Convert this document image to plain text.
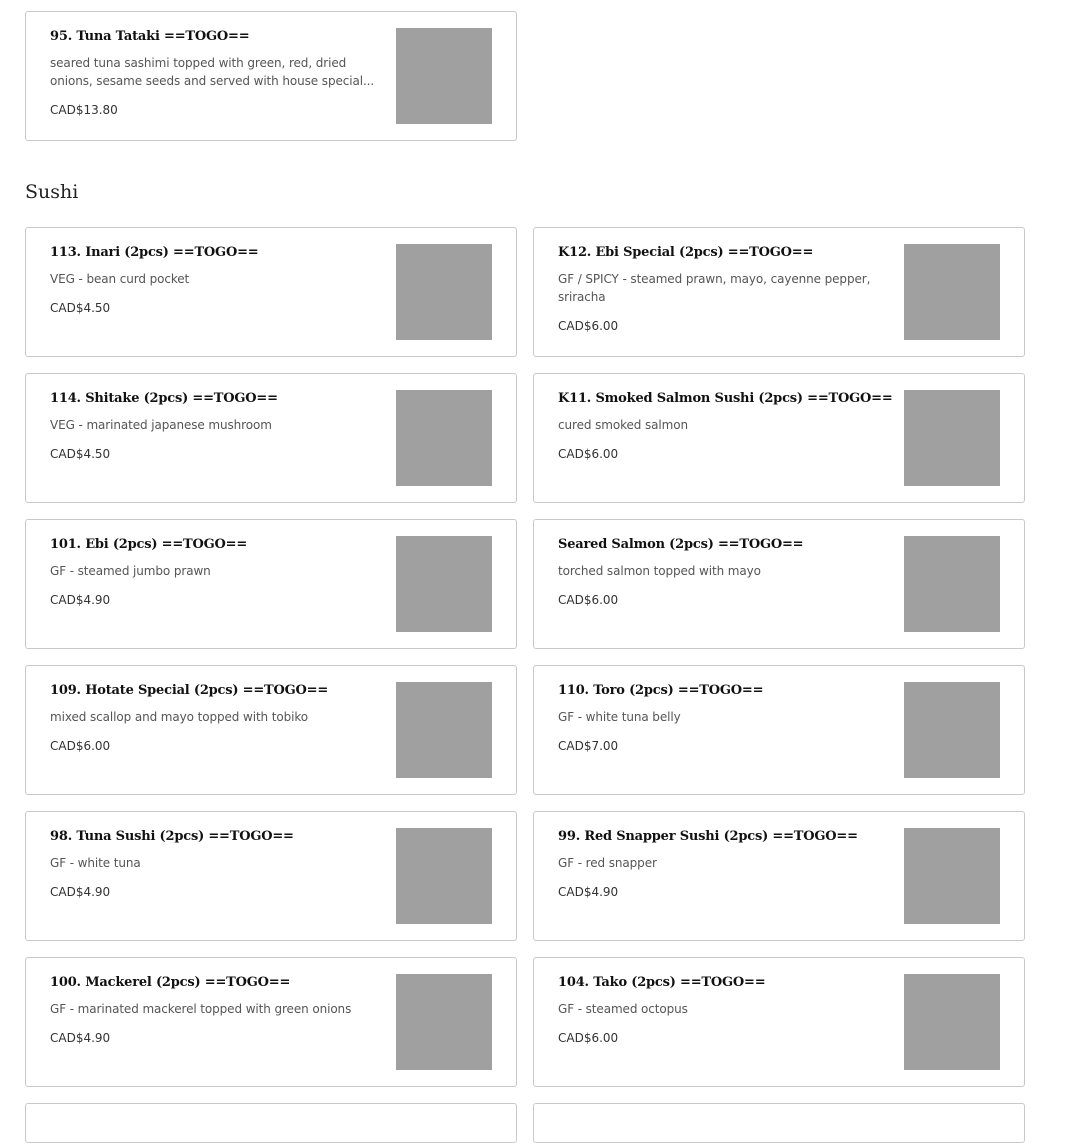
95. Tuna Tataki ==TOGO==
seared tuna sashimi topped with green, red, dried onions, sesame seeds and served with house special...
CAD$13.80
Sushi
113. Inari (2pcs) ==TOGO==
VEG - bean curd pocket
CAD$4.50
K12. Ebi Special (2pcs) ==TOGO==
GF / SPICY - steamed prawn, mayo, cayenne pepper, sriracha
CAD$6.00
114. Shitake (2pcs) ==TOGO==
VEG - marinated japanese mushroom
CAD$4.50
K11. Smoked Salmon Sushi (2pcs) ==TOGO==
cured smoked salmon
CAD$6.00
101. Ebi (2pcs) ==TOGO==
GF - steamed jumbo prawn
CAD$4.90
Seared Salmon (2pcs) ==TOGO==
torched salmon topped with mayo
CAD$6.00
109. Hotate Special (2pcs) ==TOGO==
mixed scallop and mayo topped with tobiko
CAD$6.00
110. Toro (2pcs) ==TOGO==
GF - white tuna belly
CAD$7.00
98. Tuna Sushi (2pcs) ==TOGO==
GF - white tuna
CAD$4.90
99. Red Snapper Sushi (2pcs) ==TOGO==
GF - red snapper
CAD$4.90
100. Mackerel (2pcs) ==TOGO==
GF - marinated mackerel topped with green onions
CAD$4.90
104. Tako (2pcs) ==TOGO==
GF - steamed octopus
CAD$6.00
